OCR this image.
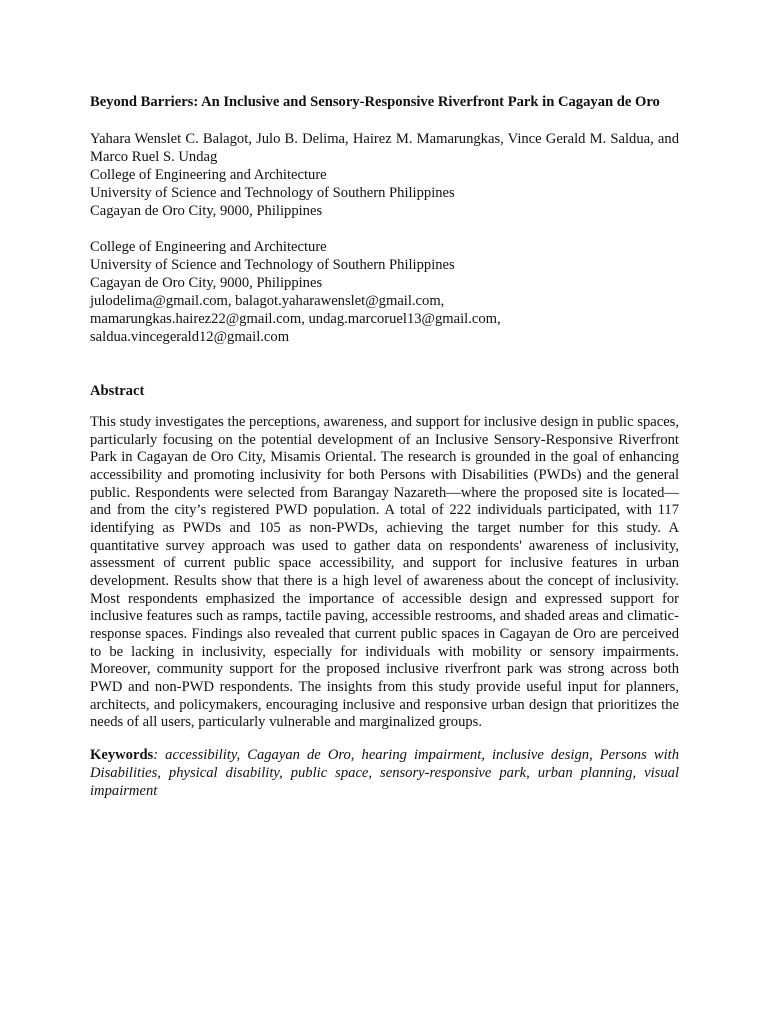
Beyond Barriers: An Inclusive and Sensory-Responsive Riverfront Park in Cagayan de Oro

Yahara Wenslet C. Balagot, Julo B. Delima, Hairez M. Mamarungkas, Vince Gerald M. Saldua, and Marco Ruel S. Undag

College of Engineering and Architecture
University of Science and Technology of Southern Philippines
Cagayan de Oro City, 9000, Philippines
College of Engineering and Architecture
University of Science and Technology of Southern Philippines
Cagayan de Oro City, 9000, Philippines
julodelima@gmail.com, balagot.yaharawenslet@gmail.com,
mamarungkas.hairez22@gmail.com, undag.marcoruel13@gmail.com,
saldua.vincegerald12@gmail.com

Abstract

This study investigates the perceptions, awareness, and support for inclusive design in public spaces, particularly focusing on the potential development of an Inclusive Sensory-Responsive Riverfront Park in Cagayan de Oro City, Misamis Oriental. The research is grounded in the goal of enhancing accessibility and promoting inclusivity for both Persons with Disabilities (PWDs) and the general public. Respondents were selected from Barangay Nazareth—where the proposed site is located—and from the city’s registered PWD population. A total of 222 individuals participated, with 117 identifying as PWDs and 105 as non-PWDs, achieving the target number for this study. A quantitative survey approach was used to gather data on respondents' awareness of inclusivity, assessment of current public space accessibility, and support for inclusive features in urban development. Results show that there is a high level of awareness about the concept of inclusivity. Most respondents emphasized the importance of accessible design and expressed support for inclusive features such as ramps, tactile paving, accessible restrooms, and shaded areas and climatic-response spaces. Findings also revealed that current public spaces in Cagayan de Oro are perceived to be lacking in inclusivity, especially for individuals with mobility or sensory impairments. Moreover, community support for the proposed inclusive riverfront park was strong across both PWD and non-PWD respondents. The insights from this study provide useful input for planners, architects, and policymakers, encouraging inclusive and responsive urban design that prioritizes the needs of all users, particularly vulnerable and marginalized groups.

Keywords: accessibility, Cagayan de Oro, hearing impairment, inclusive design, Persons with Disabilities, physical disability, public space, sensory-responsive park, urban planning, visual impairment
